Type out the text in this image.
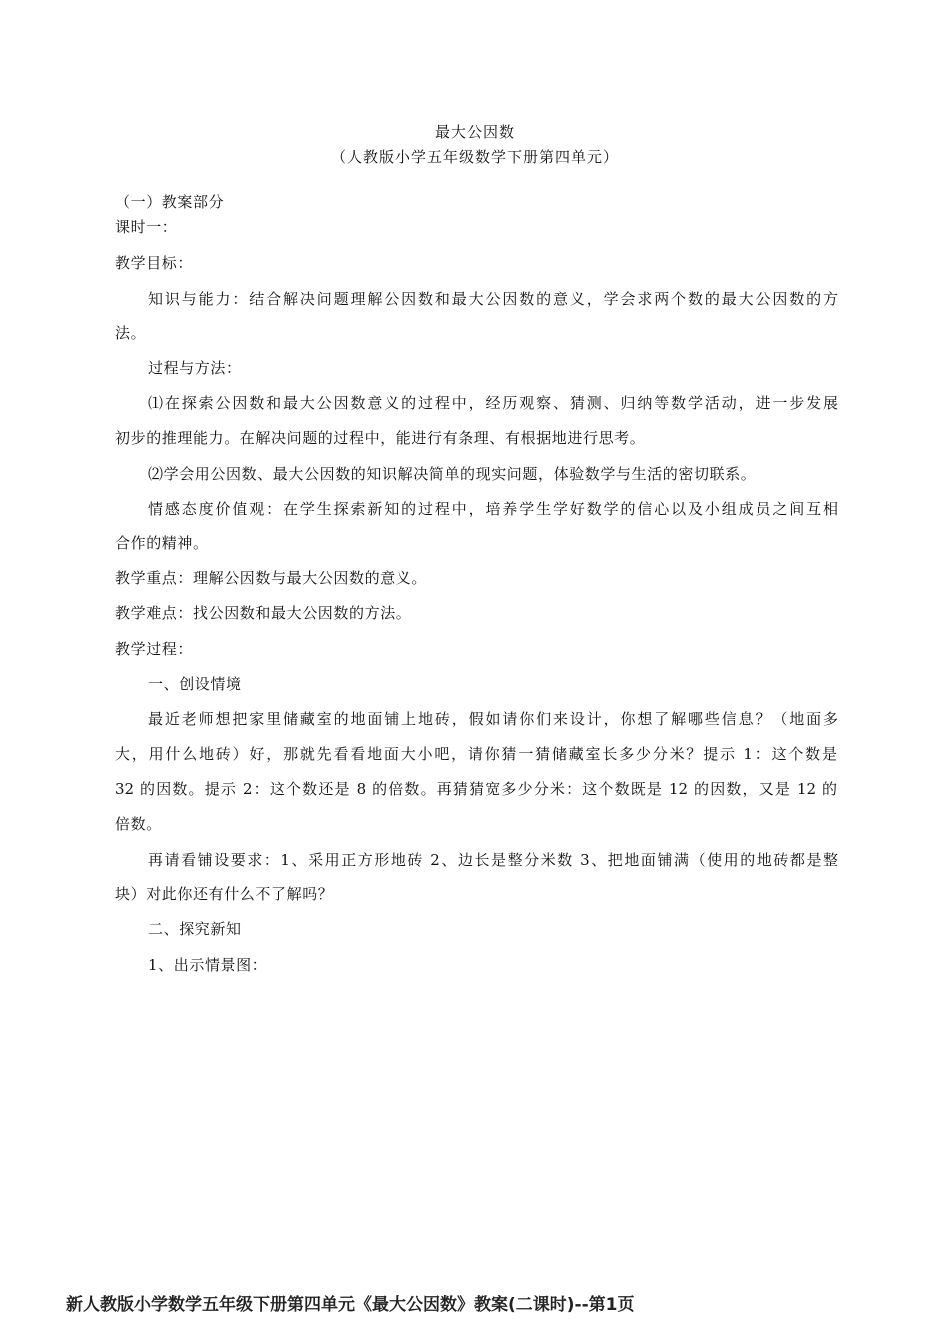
最大公因数
（人教版小学五年级数学下册第四单元）
（一）教案部分
课时一：
教学目标：
知识与能力：结合解决问题理解公因数和最大公因数的意义，学会求两个数的最大公因数的方
法。
过程与方法：
⑴在探索公因数和最大公因数意义的过程中，经历观察、猜测、归纳等数学活动，进一步发展
初步的推理能力。在解决问题的过程中，能进行有条理、有根据地进行思考。
⑵学会用公因数、最大公因数的知识解决简单的现实问题，体验数学与生活的密切联系。
情感态度价值观：在学生探索新知的过程中，培养学生学好数学的信心以及小组成员之间互相
合作的精神。
教学重点：理解公因数与最大公因数的意义。
教学难点：找公因数和最大公因数的方法。
教学过程：
一、创设情境
最近老师想把家里储藏室的地面铺上地砖，假如请你们来设计，你想了解哪些信息？（地面多
大，用什么地砖）好，那就先看看地面大小吧，请你猜一猜储藏室长多少分米？提示 1：这个数是
32 的因数。提示 2：这个数还是 8 的倍数。再猜猜宽多少分米：这个数既是 12 的因数，又是 12 的
倍数。
再请看铺设要求：1、采用正方形地砖 2、边长是整分米数 3、把地面铺满（使用的地砖都是整
块）对此你还有什么不了解吗？
二、探究新知
1、出示情景图：
新人教版小学数学五年级下册第四单元《最大公因数》教案(二课时)--第1页
